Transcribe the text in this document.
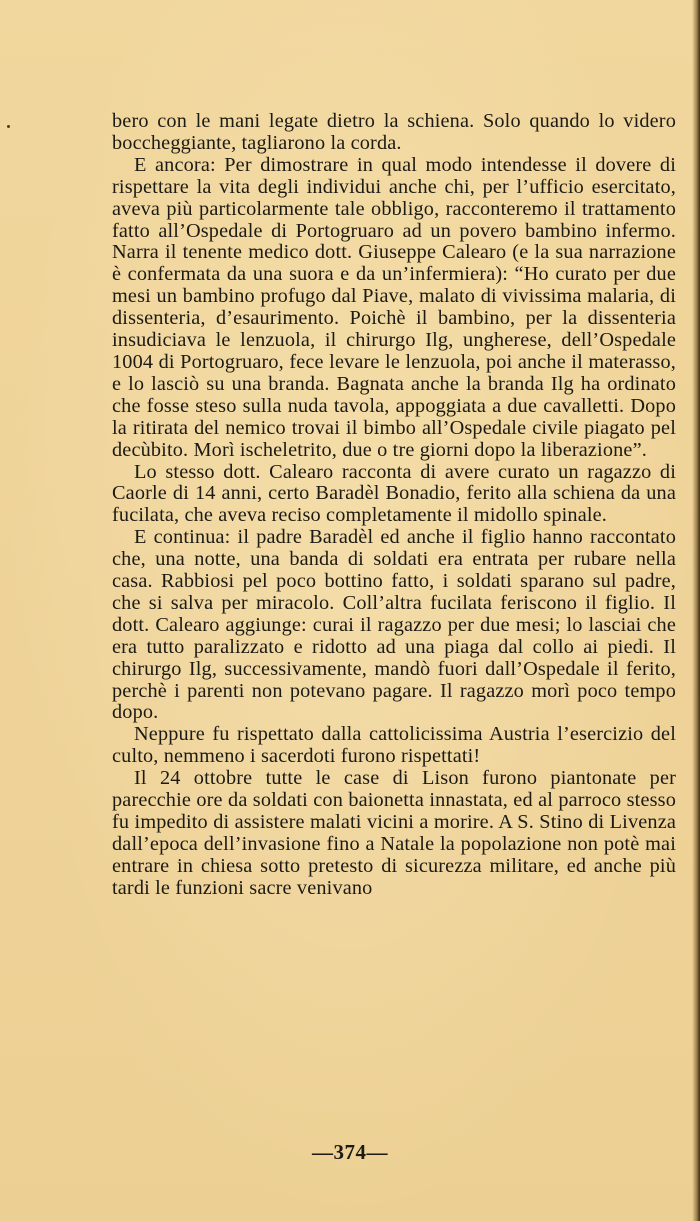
bero con le mani legate dietro la schiena. Solo quando lo videro boccheggiante, tagliarono la corda.

E ancora: Per dimostrare in qual modo intendesse il dovere di rispettare la vita degli individui anche chi, per l’ufficio esercitato, aveva più particolarmente tale obbligo, racconteremo il trattamento fatto all’Ospedale di Portogruaro ad un povero bambino infermo. Narra il tenente medico dott. Giuseppe Calearo (e la sua narrazione è confermata da una suora e da un’infermiera): “Ho curato per due mesi un bambino profugo dal Piave, malato di vivissima malaria, di dissenteria, d’esaurimento. Poichè il bambino, per la dissenteria insudiciava le lenzuola, il chirurgo Ilg, ungherese, dell’Ospedale 1004 di Portogruaro, fece levare le lenzuola, poi anche il materasso, e lo lasciò su una branda. Bagnata anche la branda Ilg ha ordinato che fosse steso sulla nuda tavola, appoggiata a due cavalletti. Dopo la ritirata del nemico trovai il bimbo all’Ospedale civile piagato pel decùbito. Morì ischeletrito, due o tre giorni dopo la liberazione”.

Lo stesso dott. Calearo racconta di avere curato un ragazzo di Caorle di 14 anni, certo Baradèl Bonadio, ferito alla schiena da una fucilata, che aveva reciso completamente il midollo spinale.

E continua: il padre Baradèl ed anche il figlio hanno raccontato che, una notte, una banda di soldati era entrata per rubare nella casa. Rabbiosi pel poco bottino fatto, i soldati sparano sul padre, che si salva per miracolo. Coll’altra fucilata feriscono il figlio. Il dott. Calearo aggiunge: curai il ragazzo per due mesi; lo lasciai che era tutto paralizzato e ridotto ad una piaga dal collo ai piedi. Il chirurgo Ilg, successivamente, mandò fuori dall’Ospedale il ferito, perchè i parenti non potevano pagare. Il ragazzo morì poco tempo dopo.

Neppure fu rispettato dalla cattolicissima Austria l’esercizio del culto, nemmeno i sacerdoti furono rispettati!

Il 24 ottobre tutte le case di Lison furono piantonate per parecchie ore da soldati con baionetta innastata, ed al parroco stesso fu impedito di assistere malati vicini a morire. A S. Stino di Livenza dall’epoca dell’invasione fino a Natale la popolazione non potè mai entrare in chiesa sotto pretesto di sicurezza militare, ed anche più tardi le funzioni sacre venivano

—374—
